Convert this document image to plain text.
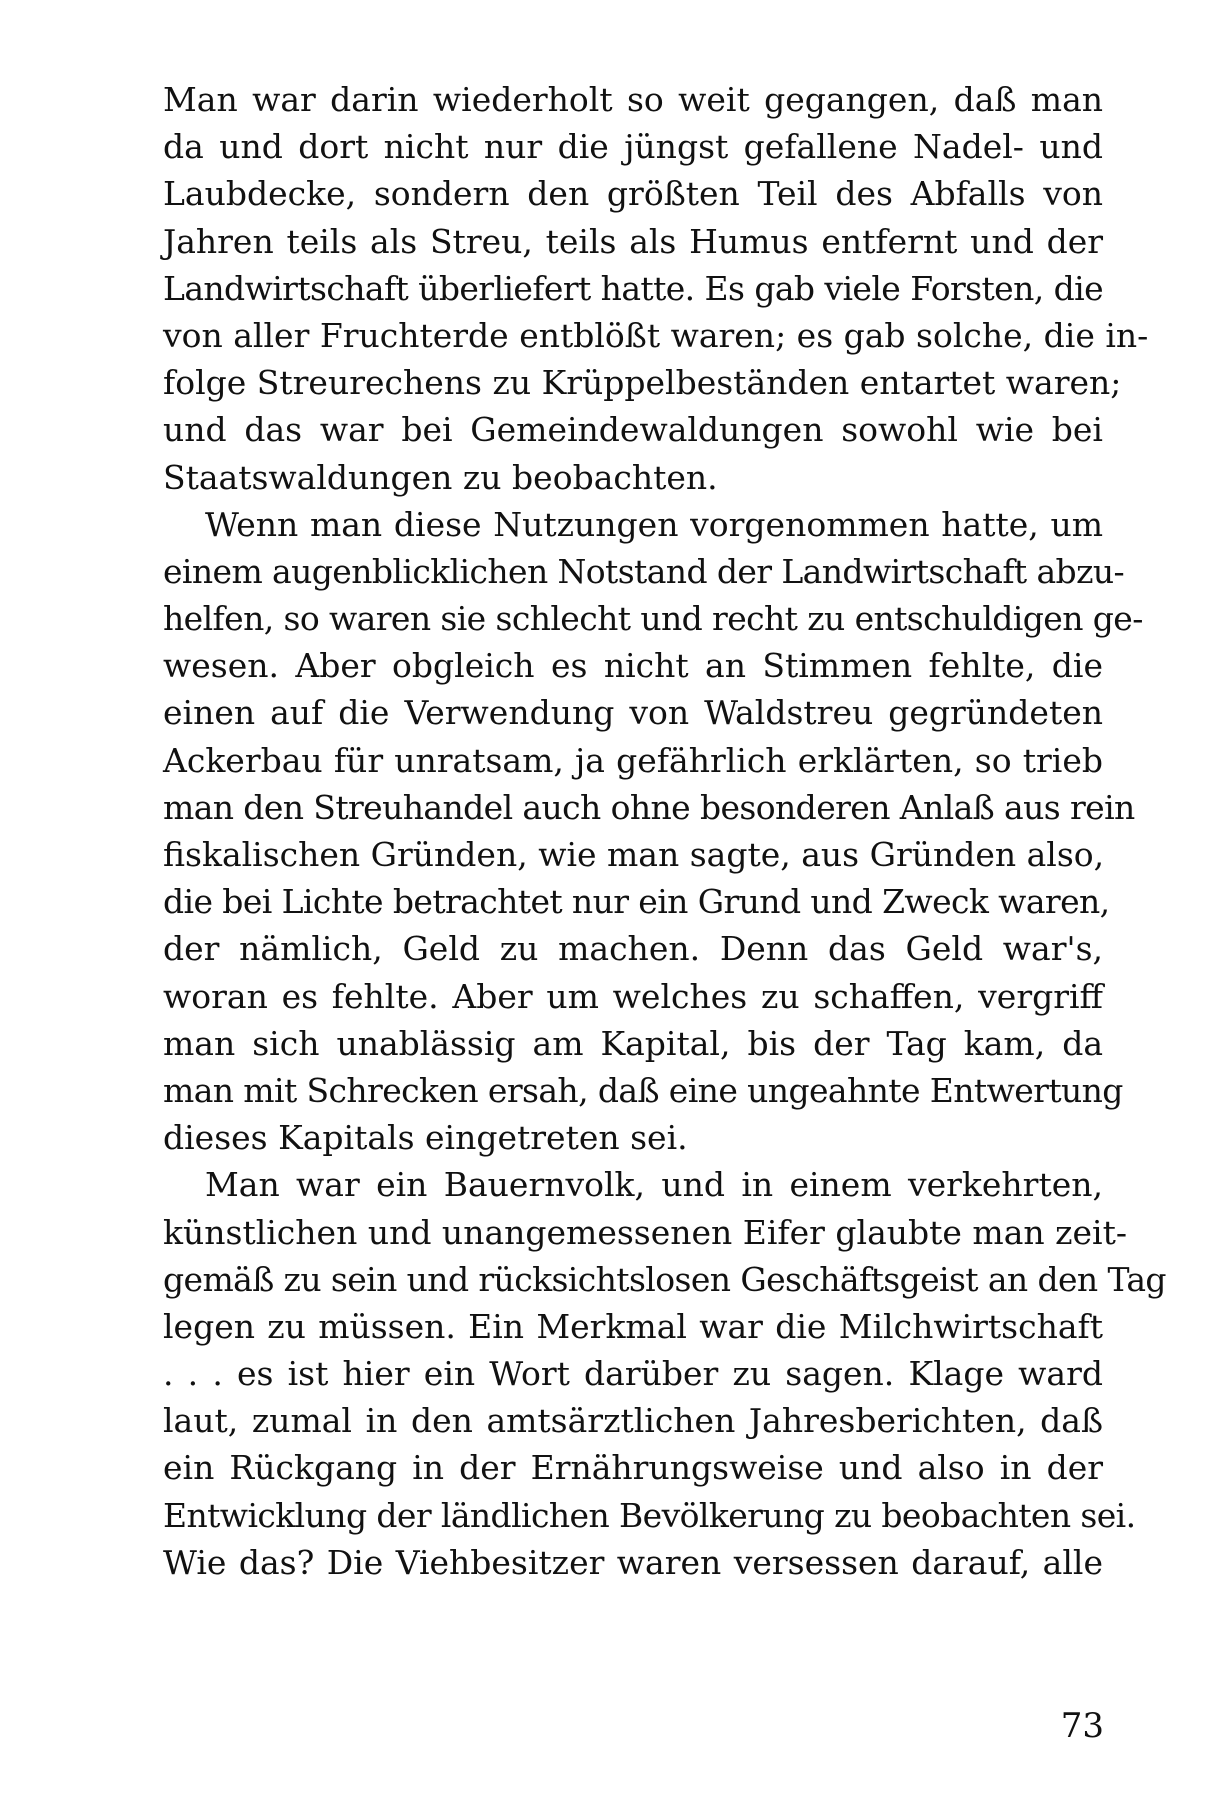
Man war darin wiederholt so weit gegangen, daß man
da und dort nicht nur die jüngst gefallene Nadel- und
Laubdecke, sondern den größten Teil des Abfalls von
Jahren teils als Streu, teils als Humus entfernt und der
Landwirtschaft überliefert hatte. Es gab viele Forsten, die
von aller Fruchterde entblößt waren; es gab solche, die in-
folge Streurechens zu Krüppelbeständen entartet waren;
und das war bei Gemeindewaldungen sowohl wie bei
Staatswaldungen zu beobachten.
Wenn man diese Nutzungen vorgenommen hatte, um
einem augenblicklichen Notstand der Landwirtschaft abzu-
helfen, so waren sie schlecht und recht zu entschuldigen ge-
wesen. Aber obgleich es nicht an Stimmen fehlte, die
einen auf die Verwendung von Waldstreu gegründeten
Ackerbau für unratsam, ja gefährlich erklärten, so trieb
man den Streuhandel auch ohne besonderen Anlaß aus rein
fiskalischen Gründen, wie man sagte, aus Gründen also,
die bei Lichte betrachtet nur ein Grund und Zweck waren,
der nämlich, Geld zu machen. Denn das Geld war's,
woran es fehlte. Aber um welches zu schaffen, vergriff
man sich unablässig am Kapital, bis der Tag kam, da
man mit Schrecken ersah, daß eine ungeahnte Entwertung
dieses Kapitals eingetreten sei.
Man war ein Bauernvolk, und in einem verkehrten,
künstlichen und unangemessenen Eifer glaubte man zeit-
gemäß zu sein und rücksichtslosen Geschäftsgeist an den Tag
legen zu müssen. Ein Merkmal war die Milchwirtschaft
. . . es ist hier ein Wort darüber zu sagen. Klage ward
laut, zumal in den amtsärztlichen Jahresberichten, daß
ein Rückgang in der Ernährungsweise und also in der
Entwicklung der ländlichen Bevölkerung zu beobachten sei.
Wie das? Die Viehbesitzer waren versessen darauf, alle
73
